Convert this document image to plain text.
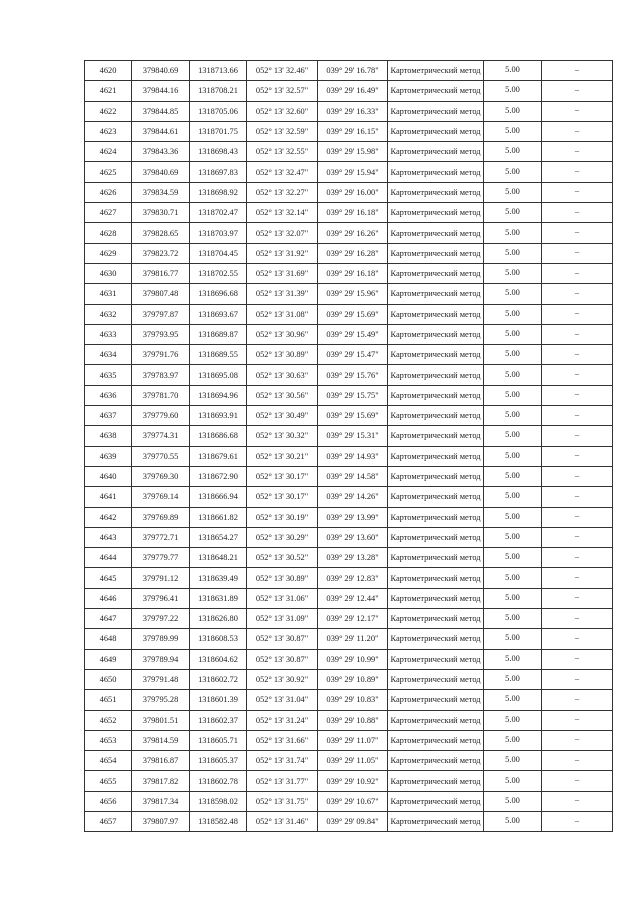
4620	379840.69	1318713.66	052° 13' 32.46"	039° 29' 16.78"	Картометрический метод	5.00	–

4621	379844.16	1318708.21	052° 13' 32.57"	039° 29' 16.49"	Картометрический метод	5.00	–

4622	379844.85	1318705.06	052° 13' 32.60"	039° 29' 16.33"	Картометрический метод	5.00	–

4623	379844.61	1318701.75	052° 13' 32.59"	039° 29' 16.15"	Картометрический метод	5.00	–

4624	379843.36	1318698.43	052° 13' 32.55"	039° 29' 15.98"	Картометрический метод	5.00	–

4625	379840.69	1318697.83	052° 13' 32.47"	039° 29' 15.94"	Картометрический метод	5.00	–

4626	379834.59	1318698.92	052° 13' 32.27"	039° 29' 16.00"	Картометрический метод	5.00	–

4627	379830.71	1318702.47	052° 13' 32.14"	039° 29' 16.18"	Картометрический метод	5.00	–

4628	379828.65	1318703.97	052° 13' 32.07"	039° 29' 16.26"	Картометрический метод	5.00	–

4629	379823.72	1318704.45	052° 13' 31.92"	039° 29' 16.28"	Картометрический метод	5.00	–

4630	379816.77	1318702.55	052° 13' 31.69"	039° 29' 16.18"	Картометрический метод	5.00	–

4631	379807.48	1318696.68	052° 13' 31.39"	039° 29' 15.96"	Картометрический метод	5.00	–

4632	379797.87	1318693.67	052° 13' 31.08"	039° 29' 15.69"	Картометрический метод	5.00	–

4633	379793.95	1318689.87	052° 13' 30.96"	039° 29' 15.49"	Картометрический метод	5.00	–

4634	379791.76	1318689.55	052° 13' 30.89"	039° 29' 15.47"	Картометрический метод	5.00	–

4635	379783.97	1318695.08	052° 13' 30.63"	039° 29' 15.76"	Картометрический метод	5.00	–

4636	379781.70	1318694.96	052° 13' 30.56"	039° 29' 15.75"	Картометрический метод	5.00	–

4637	379779.60	1318693.91	052° 13' 30.49"	039° 29' 15.69"	Картометрический метод	5.00	–

4638	379774.31	1318686.68	052° 13' 30.32"	039° 29' 15.31"	Картометрический метод	5.00	–

4639	379770.55	1318679.61	052° 13' 30.21"	039° 29' 14.93"	Картометрический метод	5.00	–

4640	379769.30	1318672.90	052° 13' 30.17"	039° 29' 14.58"	Картометрический метод	5.00	–

4641	379769.14	1318666.94	052° 13' 30.17"	039° 29' 14.26"	Картометрический метод	5.00	–

4642	379769.89	1318661.82	052° 13' 30.19"	039° 29' 13.99"	Картометрический метод	5.00	–

4643	379772.71	1318654.27	052° 13' 30.29"	039° 29' 13.60"	Картометрический метод	5.00	–

4644	379779.77	1318648.21	052° 13' 30.52"	039° 29' 13.28"	Картометрический метод	5.00	–

4645	379791.12	1318639.49	052° 13' 30.89"	039° 29' 12.83"	Картометрический метод	5.00	–

4646	379796.41	1318631.89	052° 13' 31.06"	039° 29' 12.44"	Картометрический метод	5.00	–

4647	379797.22	1318626.80	052° 13' 31.09"	039° 29' 12.17"	Картометрический метод	5.00	–

4648	379789.99	1318608.53	052° 13' 30.87"	039° 29' 11.20"	Картометрический метод	5.00	–

4649	379789.94	1318604.62	052° 13' 30.87"	039° 29' 10.99"	Картометрический метод	5.00	–

4650	379791.48	1318602.72	052° 13' 30.92"	039° 29' 10.89"	Картометрический метод	5.00	–

4651	379795.28	1318601.39	052° 13' 31.04"	039° 29' 10.83"	Картометрический метод	5.00	–

4652	379801.51	1318602.37	052° 13' 31.24"	039° 29' 10.88"	Картометрический метод	5.00	–

4653	379814.59	1318605.71	052° 13' 31.66"	039° 29' 11.07"	Картометрический метод	5.00	–

4654	379816.87	1318605.37	052° 13' 31.74"	039° 29' 11.05"	Картометрический метод	5.00	–

4655	379817.82	1318602.78	052° 13' 31.77"	039° 29' 10.92"	Картометрический метод	5.00	–

4656	379817.34	1318598.02	052° 13' 31.75"	039° 29' 10.67"	Картометрический метод	5.00	–

4657	379807.97	1318582.48	052° 13' 31.46"	039° 29' 09.84"	Картометрический метод	5.00	–
